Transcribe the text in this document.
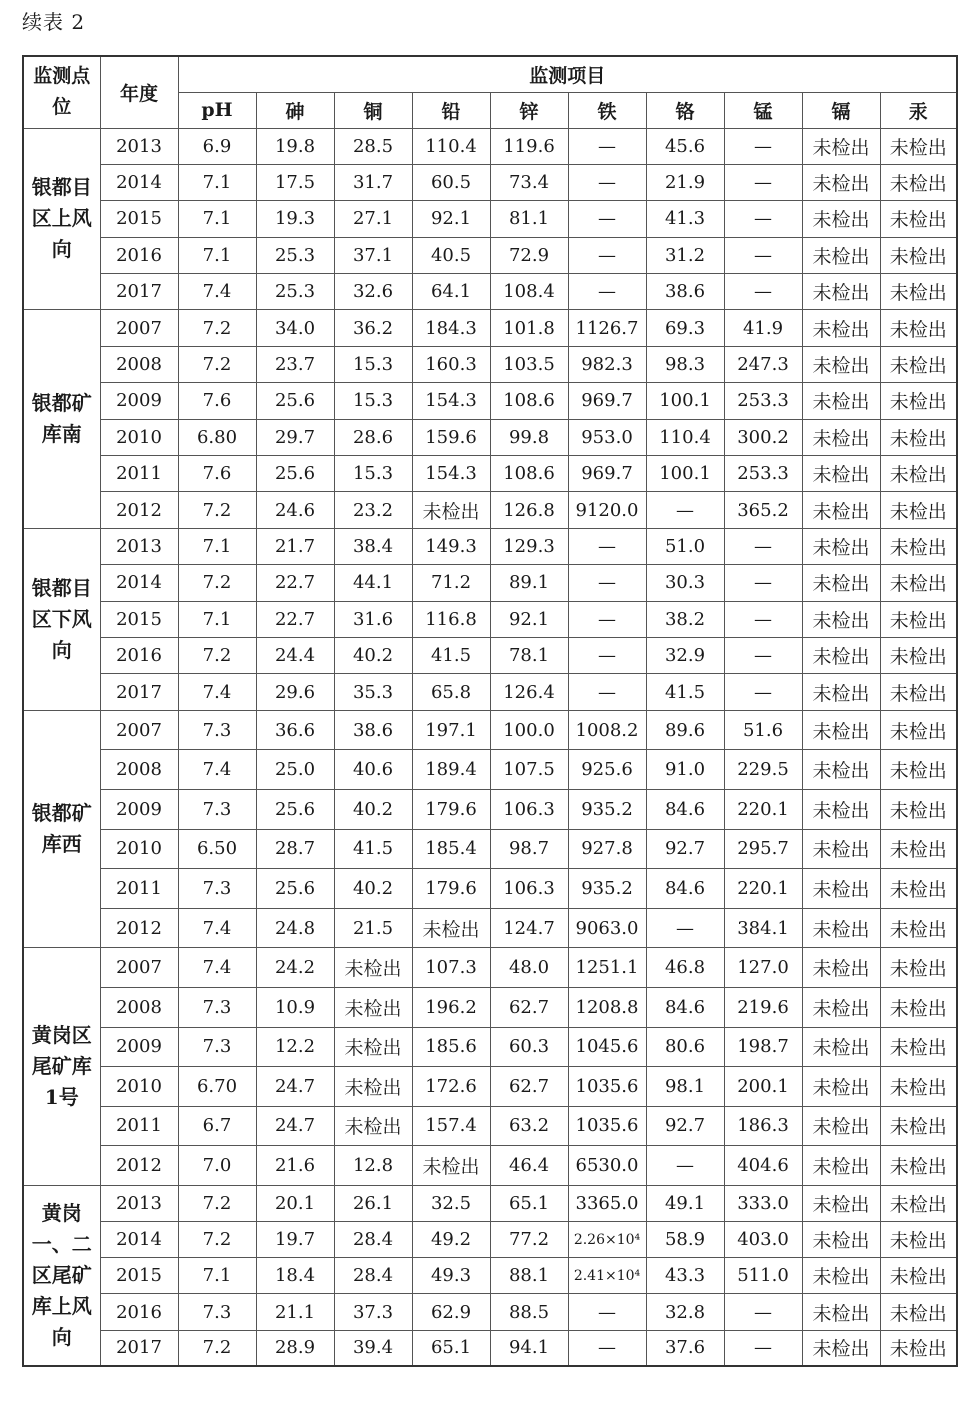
续表 2
监测点位	年度	监测项目									
		pH	砷	铜	铅	锌	铁	铬	锰	镉	汞
银都目区上风向	2013	6.9	19.8	28.5	110.4	119.6	—	45.6	—	未检出	未检出
	2014	7.1	17.5	31.7	60.5	73.4	—	21.9	—	未检出	未检出
	2015	7.1	19.3	27.1	92.1	81.1	—	41.3	—	未检出	未检出
	2016	7.1	25.3	37.1	40.5	72.9	—	31.2	—	未检出	未检出
	2017	7.4	25.3	32.6	64.1	108.4	—	38.6	—	未检出	未检出
银都矿库南	2007	7.2	34.0	36.2	184.3	101.8	1126.7	69.3	41.9	未检出	未检出
	2008	7.2	23.7	15.3	160.3	103.5	982.3	98.3	247.3	未检出	未检出
	2009	7.6	25.6	15.3	154.3	108.6	969.7	100.1	253.3	未检出	未检出
	2010	6.80	29.7	28.6	159.6	99.8	953.0	110.4	300.2	未检出	未检出
	2011	7.6	25.6	15.3	154.3	108.6	969.7	100.1	253.3	未检出	未检出
	2012	7.2	24.6	23.2	未检出	126.8	9120.0	—	365.2	未检出	未检出
银都目区下风向	2013	7.1	21.7	38.4	149.3	129.3	—	51.0	—	未检出	未检出
	2014	7.2	22.7	44.1	71.2	89.1	—	30.3	—	未检出	未检出
	2015	7.1	22.7	31.6	116.8	92.1	—	38.2	—	未检出	未检出
	2016	7.2	24.4	40.2	41.5	78.1	—	32.9	—	未检出	未检出
	2017	7.4	29.6	35.3	65.8	126.4	—	41.5	—	未检出	未检出
银都矿库西	2007	7.3	36.6	38.6	197.1	100.0	1008.2	89.6	51.6	未检出	未检出
	2008	7.4	25.0	40.6	189.4	107.5	925.6	91.0	229.5	未检出	未检出
	2009	7.3	25.6	40.2	179.6	106.3	935.2	84.6	220.1	未检出	未检出
	2010	6.50	28.7	41.5	185.4	98.7	927.8	92.7	295.7	未检出	未检出
	2011	7.3	25.6	40.2	179.6	106.3	935.2	84.6	220.1	未检出	未检出
	2012	7.4	24.8	21.5	未检出	124.7	9063.0	—	384.1	未检出	未检出
黄岗区尾矿库1号	2007	7.4	24.2	未检出	107.3	48.0	1251.1	46.8	127.0	未检出	未检出
	2008	7.3	10.9	未检出	196.2	62.7	1208.8	84.6	219.6	未检出	未检出
	2009	7.3	12.2	未检出	185.6	60.3	1045.6	80.6	198.7	未检出	未检出
	2010	6.70	24.7	未检出	172.6	62.7	1035.6	98.1	200.1	未检出	未检出
	2011	6.7	24.7	未检出	157.4	63.2	1035.6	92.7	186.3	未检出	未检出
	2012	7.0	21.6	12.8	未检出	46.4	6530.0	—	404.6	未检出	未检出
黄岗一、二区尾矿库上风向	2013	7.2	20.1	26.1	32.5	65.1	3365.0	49.1	333.0	未检出	未检出
	2014	7.2	19.7	28.4	49.2	77.2	2.26×10⁴	58.9	403.0	未检出	未检出
	2015	7.1	18.4	28.4	49.3	88.1	2.41×10⁴	43.3	511.0	未检出	未检出
	2016	7.3	21.1	37.3	62.9	88.5	—	32.8	—	未检出	未检出
	2017	7.2	28.9	39.4	65.1	94.1	—	37.6	—	未检出	未检出
